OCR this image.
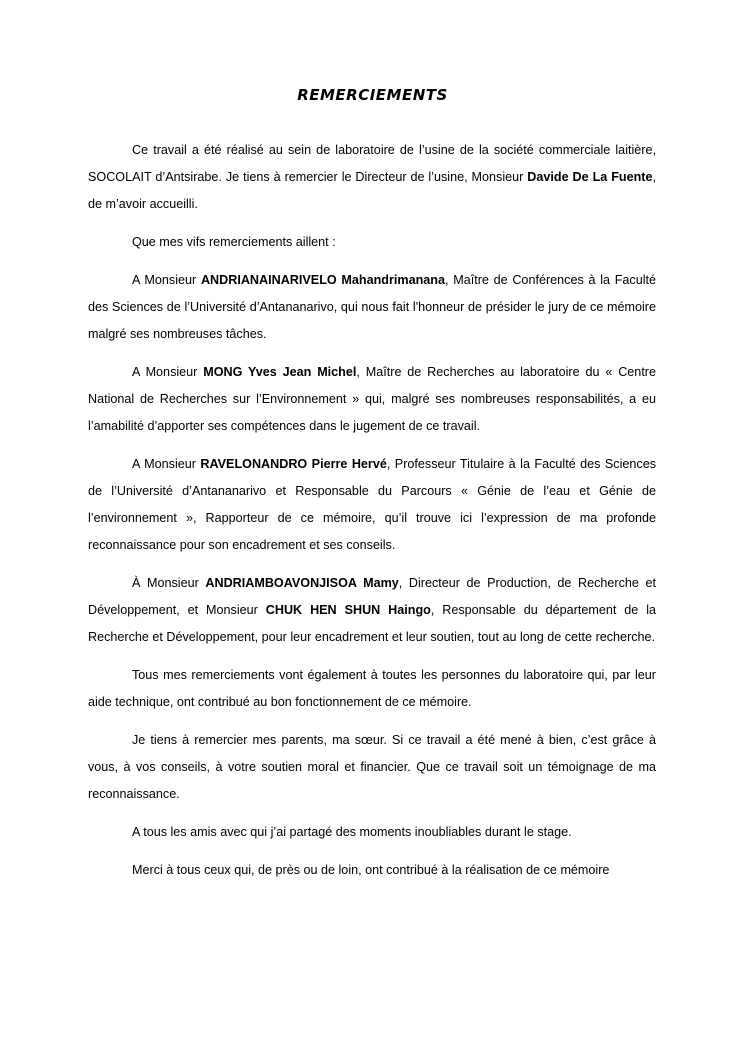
REMERCIEMENTS

Ce travail a été réalisé au sein de laboratoire de l’usine de la société commerciale laitière, SOCOLAIT d’Antsirabe. Je tiens à remercier le Directeur de l’usine, Monsieur Davide De La Fuente, de m’avoir accueilli.

Que mes vifs remerciements aillent :

A Monsieur ANDRIANAINARIVELO Mahandrimanana, Maître de Conférences à la Faculté des Sciences de l’Université d’Antananarivo, qui nous fait l'honneur de présider le jury de ce mémoire malgré ses nombreuses tâches.

A Monsieur MONG Yves Jean Michel, Maître de Recherches au laboratoire du « Centre National de Recherches sur l’Environnement » qui, malgré ses nombreuses responsabilités, a eu l’amabilité d’apporter ses compétences dans le jugement de ce travail.

A Monsieur RAVELONANDRO Pierre Hervé, Professeur Titulaire à la Faculté des Sciences de l’Université d’Antananarivo et Responsable du Parcours « Génie de l’eau et Génie de l’environnement », Rapporteur de ce mémoire, qu’il trouve ici l’expression de ma profonde reconnaissance pour son encadrement et ses conseils.

À Monsieur ANDRIAMBOAVONJISOA Mamy, Directeur de Production, de Recherche et Développement, et Monsieur CHUK HEN SHUN Haingo, Responsable du département de la Recherche et Développement, pour leur encadrement et leur soutien, tout au long de cette recherche.

Tous mes remerciements vont également à toutes les personnes du laboratoire qui, par leur aide technique, ont contribué au bon fonctionnement de ce mémoire.

Je tiens à remercier mes parents, ma sœur. Si ce travail a été mené à bien, c’est grâce à vous, à vos conseils, à votre soutien moral et financier. Que ce travail soit un témoignage de ma reconnaissance.

A tous les amis avec qui j’ai partagé des moments inoubliables durant le stage.

Merci à tous ceux qui, de près ou de loin, ont contribué à la réalisation de ce mémoire
